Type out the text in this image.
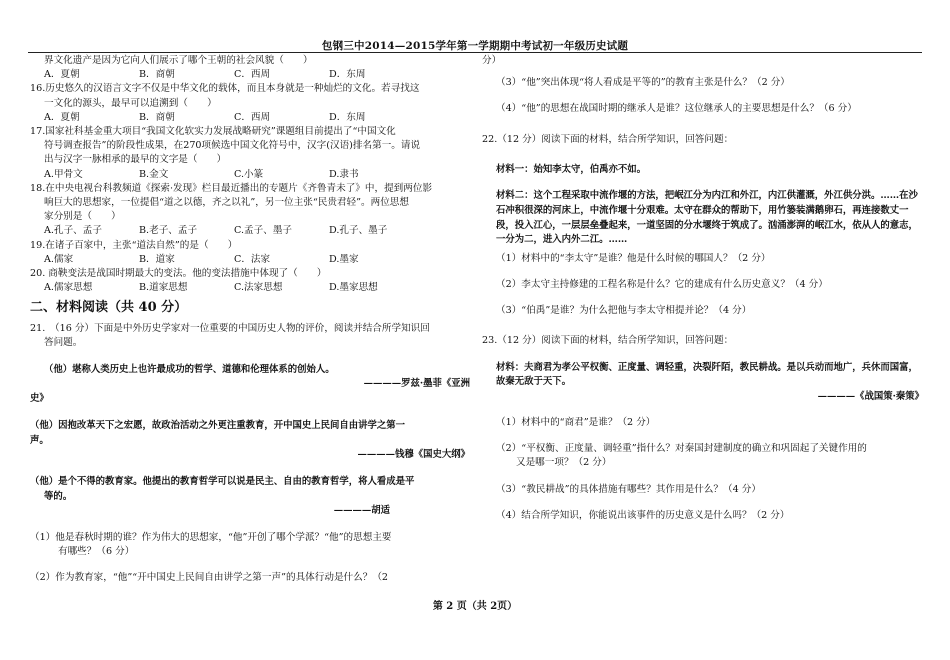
包钢三中2014—2015学年第一学期期中考试初一年级历史试题

界文化遗产是因为它向人们展示了哪个王朝的社会风貌（　　）

A．夏朝	B．商朝	C．西周	D．东周

16.历史悠久的汉语言文字不仅是中华文化的载体，而且本身就是一种灿烂的文化。若寻找这

一文化的源头，最早可以追溯到（　　）

A．夏朝	B．商朝	C．西周	D．东周

17.国家社科基金重大项目“我国文化软实力发展战略研究”课题组目前提出了“中国文化

符号调查报告”的阶段性成果，在270项候选中国文化符号中，汉字(汉语)排名第一。请说

出与汉字一脉相承的最早的文字是（　　）

A.甲骨文	B.金文	C.小篆	D.隶书

18.在中央电视台科教频道《探索·发现》栏目最近播出的专题片《齐鲁青未了》中，提到两位影

响巨大的思想家，一位提倡“道之以德，齐之以礼”，另一位主张“民贵君轻”。两位思想

家分别是（　　）

A.孔子、孟子	B.老子、孟子	C.孟子、墨子	D.孔子、墨子

19.在诸子百家中，主张“道法自然”的是（　　）

A.儒家	B．道家	C．法家	D.墨家

20. 商鞅变法是战国时期最大的变法。他的变法措施中体现了（　　）

A.儒家思想	B.道家思想	C.法家思想	D.墨家思想

二、材料阅读（共 40 分）

21.　（16 分）下面是中外历史学家对一位重要的中国历史人物的评价，阅读并结合所学知识回

答问题。

（他）堪称人类历史上也许最成功的哲学、道德和伦理体系的创始人。

————罗兹·墨菲《亚洲

史》

（他）因抱改革天下之宏愿，故政治活动之外更注重教育，开中国史上民间自由讲学之第一

声。

————钱穆《国史大纲》

（他）是个不得的教育家。他提出的教育哲学可以说是民主、自由的教育哲学，将人看成是平

等的。

————胡适

（1）他是春秋时期的谁？作为伟大的思想家，“他”开创了哪个学派？“他”的思想主要

有哪些？（6 分）

（2）作为教育家，“他”“开中国史上民间自由讲学之第一声”的具体行动是什么？（2

分）

（3）“他”突出体现“将人看成是平等的”的教育主张是什么？（2 分）

（4）“他”的思想在战国时期的继承人是谁？这位继承人的主要思想是什么？（6 分）

22.（12 分）阅读下面的材料，结合所学知识，回答问题：

材料一：始知李太守，伯禹亦不如。

材料二：这个工程采取中流作堰的方法，把岷江分为内江和外江，内江供灌溉，外江供分洪。……在沙石冲积很深的河床上，中流作堰十分艰难。太守在群众的帮助下，用竹篓装满鹅卵石，再连接数丈一段，投入江心，一层层垒叠起来，一道坚固的分水堰终于筑成了。汹涌澎湃的岷江水，依从人的意志，一分为二，进入内外二江。……

（1）材料中的“李太守”是谁？他是什么时候的哪国人？（2 分）

（2）李太守主持修建的工程名称是什么？它的建成有什么历史意义？（4 分）

（3）“伯禹”是谁？为什么把他与李太守相提并论？（4 分）

23.（12 分）阅读下面的材料，结合所学知识，回答问题：

材料：夫商君为孝公平权衡、正度量、调轻重，决裂阡陌，教民耕战。是以兵动而地广，兵休而国富，故秦无敌于天下。

————《战国策·秦策》

（1）材料中的“商君”是谁？（2 分）

（2）“平权衡、正度量、调轻重”指什么？对秦国封建制度的确立和巩固起了关键作用的

又是哪一项？（2 分）

（3）“教民耕战”的具体措施有哪些？其作用是什么？（4 分）

（4）结合所学知识，你能说出该事件的历史意义是什么吗？（2 分）

第 2 页（共 2页）
